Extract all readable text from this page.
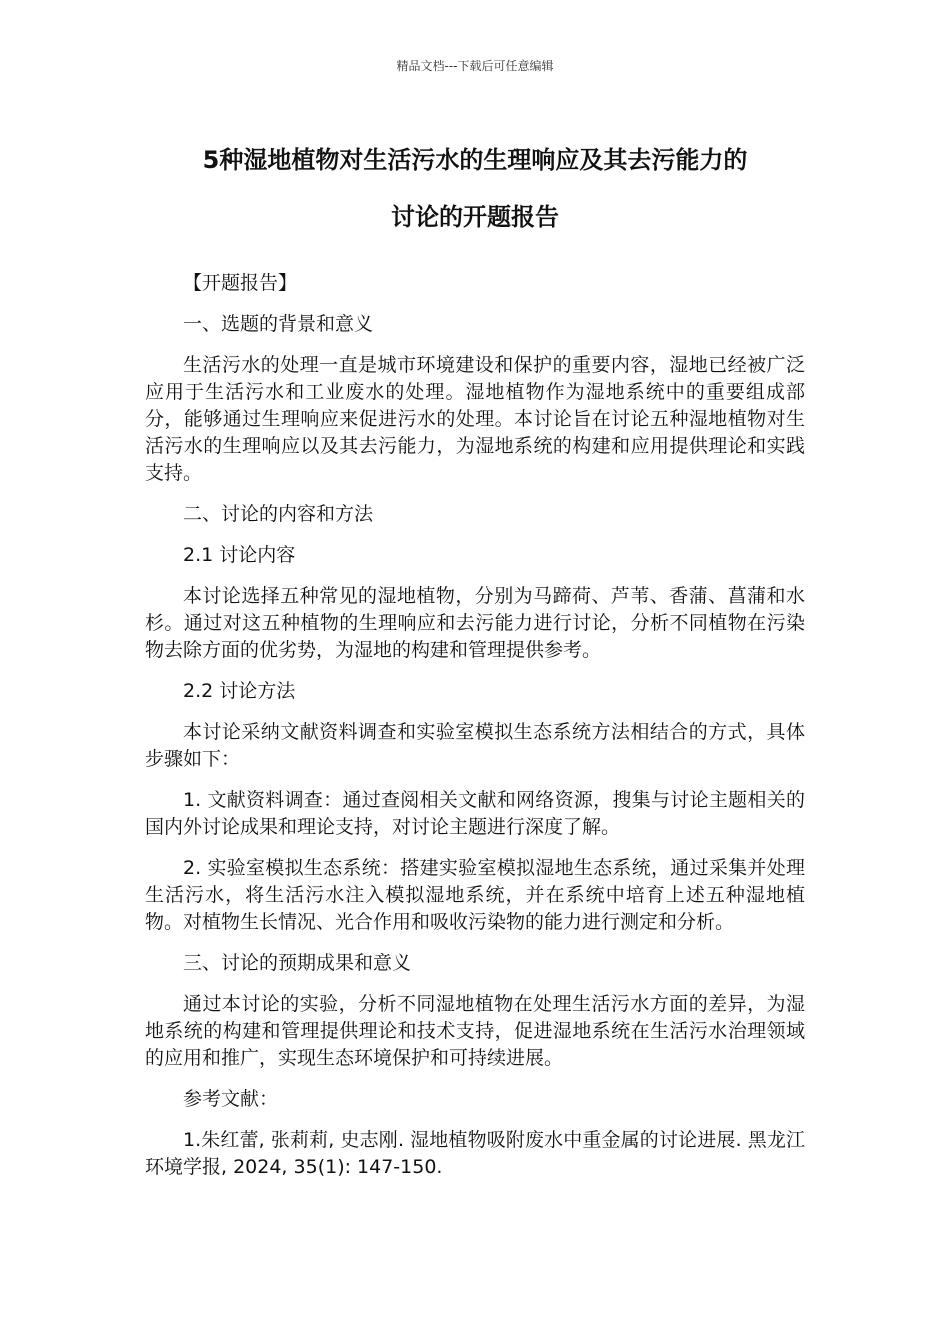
精品文档---下载后可任意编辑
5种湿地植物对生活污水的生理响应及其去污能力的
讨论的开题报告

【开题报告】

一、选题的背景和意义

生活污水的处理一直是城市环境建设和保护的重要内容，湿地已经被广泛应用于生活污水和工业废水的处理。湿地植物作为湿地系统中的重要组成部分，能够通过生理响应来促进污水的处理。本讨论旨在讨论五种湿地植物对生活污水的生理响应以及其去污能力，为湿地系统的构建和应用提供理论和实践支持。

二、讨论的内容和方法

2.1 讨论内容

本讨论选择五种常见的湿地植物，分别为马蹄荷、芦苇、香蒲、菖蒲和水杉。通过对这五种植物的生理响应和去污能力进行讨论，分析不同植物在污染物去除方面的优劣势，为湿地的构建和管理提供参考。

2.2 讨论方法

本讨论采纳文献资料调查和实验室模拟生态系统方法相结合的方式，具体步骤如下：

1. 文献资料调查：通过查阅相关文献和网络资源，搜集与讨论主题相关的国内外讨论成果和理论支持，对讨论主题进行深度了解。

2. 实验室模拟生态系统：搭建实验室模拟湿地生态系统，通过采集并处理生活污水，将生活污水注入模拟湿地系统，并在系统中培育上述五种湿地植物。对植物生长情况、光合作用和吸收污染物的能力进行测定和分析。

三、讨论的预期成果和意义

通过本讨论的实验，分析不同湿地植物在处理生活污水方面的差异，为湿地系统的构建和管理提供理论和技术支持，促进湿地系统在生活污水治理领域的应用和推广，实现生态环境保护和可持续进展。

参考文献：

1.朱红蕾, 张莉莉, 史志刚. 湿地植物吸附废水中重金属的讨论进展. 黑龙江环境学报, 2024, 35(1): 147-150.
